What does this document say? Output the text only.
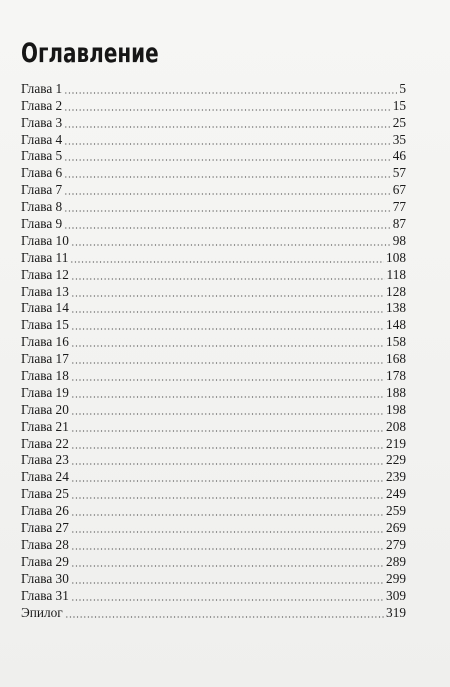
Оглавление
Глава 1	5
Глава 2	15
Глава 3	25
Глава 4	35
Глава 5	46
Глава 6	57
Глава 7	67
Глава 8	77
Глава 9	87
Глава 10	98
Глава 11	108
Глава 12	118
Глава 13	128
Глава 14	138
Глава 15	148
Глава 16	158
Глава 17	168
Глава 18	178
Глава 19	188
Глава 20	198
Глава 21	208
Глава 22	219
Глава 23	229
Глава 24	239
Глава 25	249
Глава 26	259
Глава 27	269
Глава 28	279
Глава 29	289
Глава 30	299
Глава 31	309
Эпилог	319
